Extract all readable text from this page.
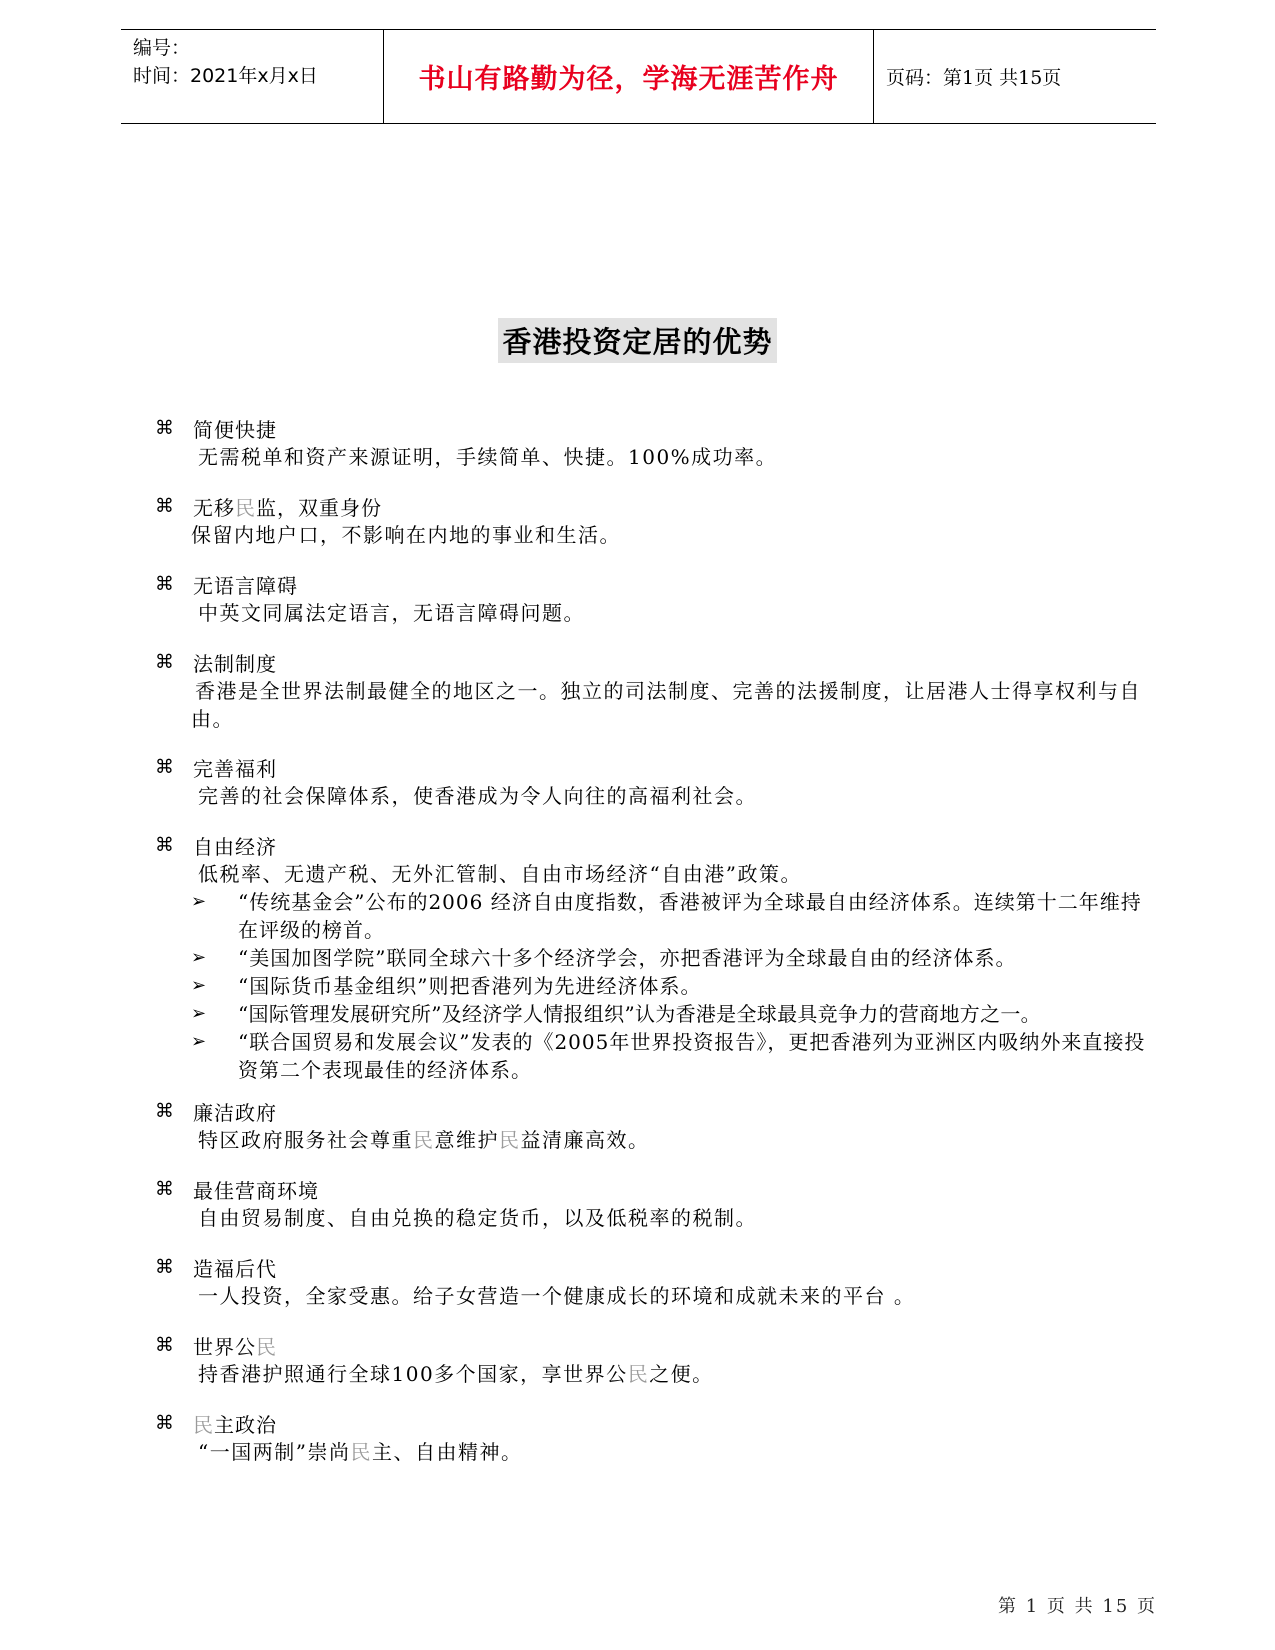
编号：
时间：2021年x月x日	书山有路勤为径，学海无涯苦作舟	页码：第1页 共15页
香港投资定居的优势
⌘ 简便快捷
无需税单和资产来源证明，手续简单、快捷。100%成功率。
⌘ 无移民监，双重身份
保留内地户口，不影响在内地的事业和生活。
⌘ 无语言障碍
中英文同属法定语言，无语言障碍问题。
⌘ 法制制度
香港是全世界法制最健全的地区之一。独立的司法制度、完善的法援制度，让居港人士得享权利与自由。
⌘ 完善福利
完善的社会保障体系，使香港成为令人向往的高福利社会。
⌘ 自由经济
低税率、无遗产税、无外汇管制、自由市场经济“自由港”政策。
➢	“传统基金会”公布的2006 经济自由度指数，香港被评为全球最自由经济体系。连续第十二年维持在评级的榜首。
➢	“美国加图学院”联同全球六十多个经济学会，亦把香港评为全球最自由的经济体系。
➢	“国际货币基金组织”则把香港列为先进经济体系。
➢	“国际管理发展研究所”及经济学人情报组织”认为香港是全球最具竞争力的营商地方之一。
➢	“联合国贸易和发展会议”发表的《2005年世界投资报告》，更把香港列为亚洲区内吸纳外来直接投资第二个表现最佳的经济体系。
⌘ 廉洁政府
特区政府服务社会尊重民意维护民益清廉高效。
⌘ 最佳营商环境
自由贸易制度、自由兑换的稳定货币，以及低税率的税制。
⌘ 造福后代
一人投资，全家受惠。给子女营造一个健康成长的环境和成就未来的平台 。
⌘ 世界公民
持香港护照通行全球100多个国家，享世界公民之便。
⌘ 民主政治
“一国两制”崇尚民主、自由精神。
第 1 页 共 15 页
